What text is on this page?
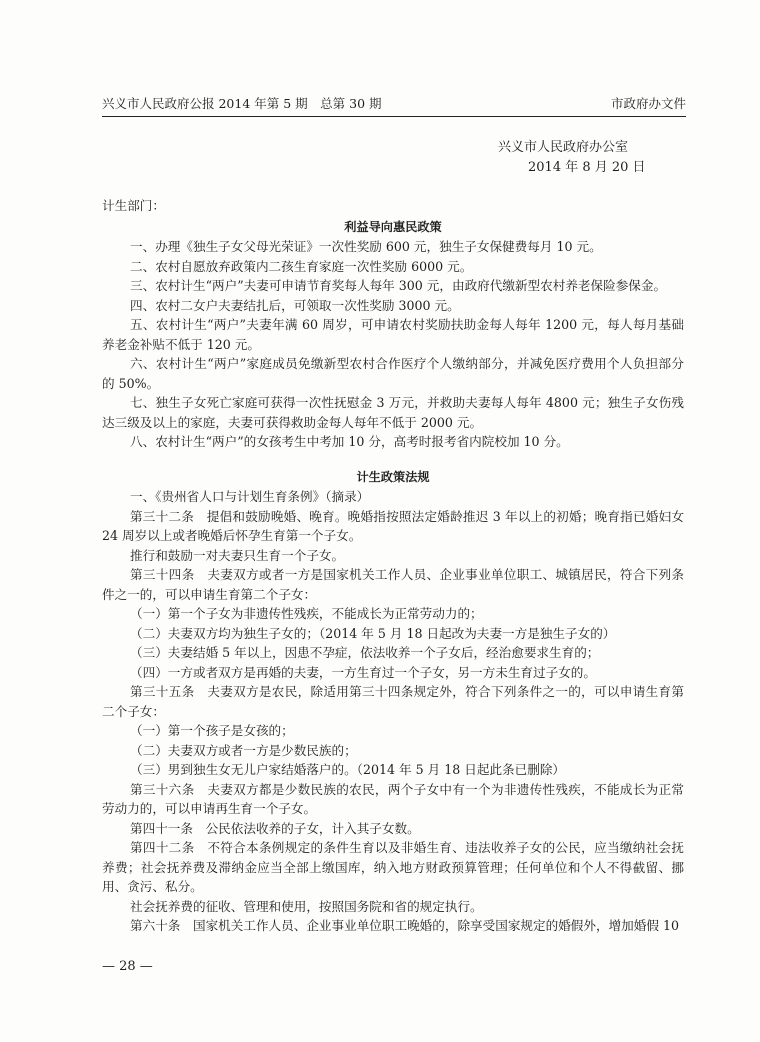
兴义市人民政府公报 2014 年第 5 期　总第 30 期	市政府办文件
兴义市人民政府办公室
2014 年 8 月 20 日

计生部门：

利益导向惠民政策

一、办理《独生子女父母光荣证》一次性奖励 600 元，独生子女保健费每月 10 元。

二、农村自愿放弃政策内二孩生育家庭一次性奖励 6000 元。

三、农村计生“两户”夫妻可申请节育奖每人每年 300 元，由政府代缴新型农村养老保险参保金。

四、农村二女户夫妻结扎后，可领取一次性奖励 3000 元。

五、农村计生“两户”夫妻年满 60 周岁，可申请农村奖励扶助金每人每年 1200 元，每人每月基础养老金补贴不低于 120 元。

六、农村计生“两户”家庭成员免缴新型农村合作医疗个人缴纳部分，并减免医疗费用个人负担部分的 50%。

七、独生子女死亡家庭可获得一次性抚慰金 3 万元，并救助夫妻每人每年 4800 元；独生子女伤残达三级及以上的家庭，夫妻可获得救助金每人每年不低于 2000 元。

八、农村计生“两户”的女孩考生中考加 10 分，高考时报考省内院校加 10 分。

计生政策法规

一、《贵州省人口与计划生育条例》（摘录）

第三十二条　提倡和鼓励晚婚、晚育。晚婚指按照法定婚龄推迟 3 年以上的初婚；晚育指已婚妇女 24 周岁以上或者晚婚后怀孕生育第一个子女。

推行和鼓励一对夫妻只生育一个子女。

第三十四条　夫妻双方或者一方是国家机关工作人员、企业事业单位职工、城镇居民，符合下列条件之一的，可以申请生育第二个子女：

（一）第一个子女为非遗传性残疾，不能成长为正常劳动力的；

（二）夫妻双方均为独生子女的；（2014 年 5 月 18 日起改为夫妻一方是独生子女的）

（三）夫妻结婚 5 年以上，因患不孕症，依法收养一个子女后，经治愈要求生育的；

（四）一方或者双方是再婚的夫妻，一方生育过一个子女，另一方未生育过子女的。

第三十五条　夫妻双方是农民，除适用第三十四条规定外，符合下列条件之一的，可以申请生育第二个子女：

（一）第一个孩子是女孩的；

（二）夫妻双方或者一方是少数民族的；

（三）男到独生女无儿户家结婚落户的。（2014 年 5 月 18 日起此条已删除）

第三十六条　夫妻双方都是少数民族的农民，两个子女中有一个为非遗传性残疾，不能成长为正常劳动力的，可以申请再生育一个子女。

第四十一条　公民依法收养的子女，计入其子女数。

第四十二条　不符合本条例规定的条件生育以及非婚生育、违法收养子女的公民，应当缴纳社会抚养费；社会抚养费及滞纳金应当全部上缴国库，纳入地方财政预算管理；任何单位和个人不得截留、挪用、贪污、私分。

社会抚养费的征收、管理和使用，按照国务院和省的规定执行。

第六十条　国家机关工作人员、企业事业单位职工晚婚的，除享受国家规定的婚假外，增加婚假 10

— 28 —
